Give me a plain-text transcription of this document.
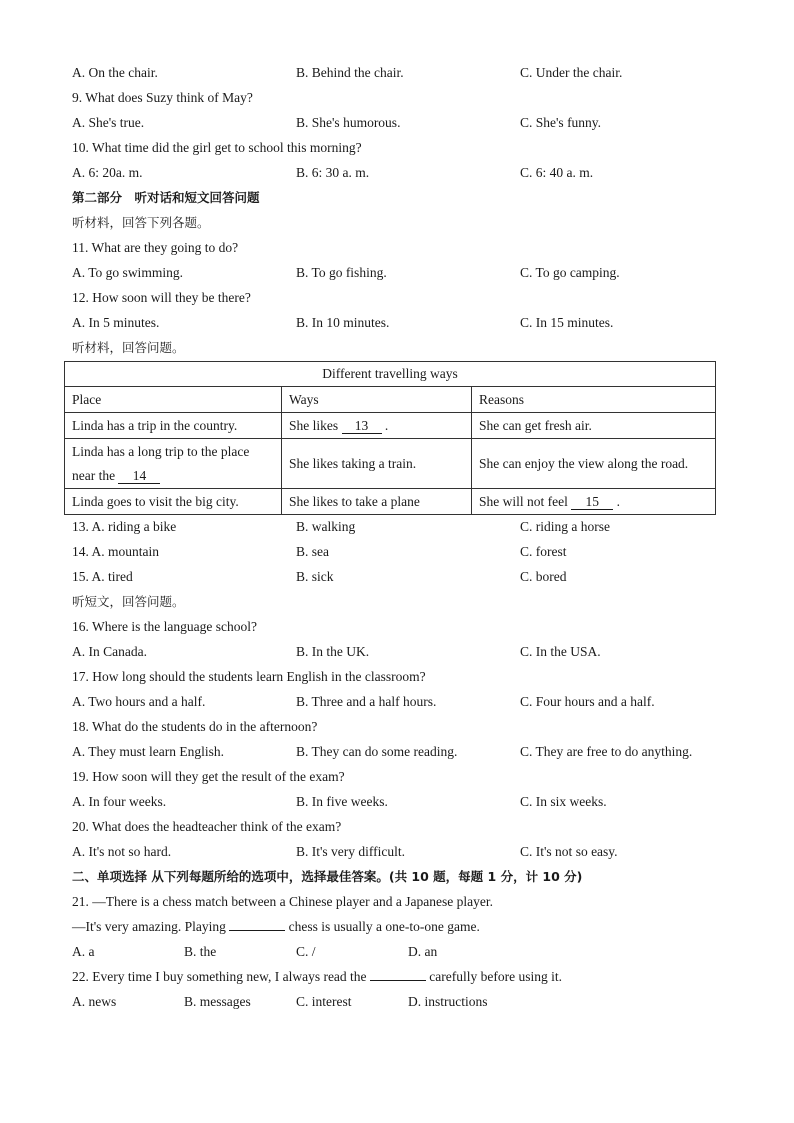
A. On the chair.	B. Behind the chair.	C. Under the chair.
9. What does Suzy think of May?
A. She's true.	B. She's humorous.	C. She's funny.
10. What time did the girl get to school this morning?
A. 6: 20a. m.	B. 6: 30 a. m.	C. 6: 40 a. m.
第二部分　听对话和短文回答问题
听材料，回答下列各题。
11. What are they going to do?
A. To go swimming.	B. To go fishing.	C. To go camping.
12. How soon will they be there?
A. In 5 minutes.	B. In 10 minutes.	C. In 15 minutes.
听材料，回答问题。
Different travelling ways		
Place	Ways	Reasons
Linda has a trip in the country.	She likes 13 .	She can get fresh air.

Linda has a long trip to the place
near the 14	She likes taking a train.	She can enjoy the view along the road.
Linda goes to visit the big city.	She likes to take a plane	She will not feel 15 .
13. A. riding a bike	B. walking	C. riding a horse
14. A. mountain	B. sea	C. forest
15. A. tired	B. sick	C. bored
听短文，回答问题。
16. Where is the language school?
A. In Canada.	B. In the UK.	C. In the USA.
17. How long should the students learn English in the classroom?
A. Two hours and a half.	B. Three and a half hours.	C. Four hours and a half.
18. What do the students do in the afternoon?
A. They must learn English.	B. They can do some reading.	C. They are free to do anything.
19. How soon will they get the result of the exam?
A. In four weeks.	B. In five weeks.	C. In six weeks.
20. What does the headteacher think of the exam?
A. It's not so hard.	B. It's very difficult.	C. It's not so easy.
二、单项选择 从下列每题所给的选项中，选择最佳答案。(共 10 题，每题 1 分，计 10 分)
21. —There is a chess match between a Chinese player and a Japanese player.
—It's very amazing. Playing	chess is usually a one-to-one game.
A. a	B. the	C. /	D. an
22. Every time I buy something new, I always read the	carefully before using it.
A. news	B. messages	C. interest	D. instructions
